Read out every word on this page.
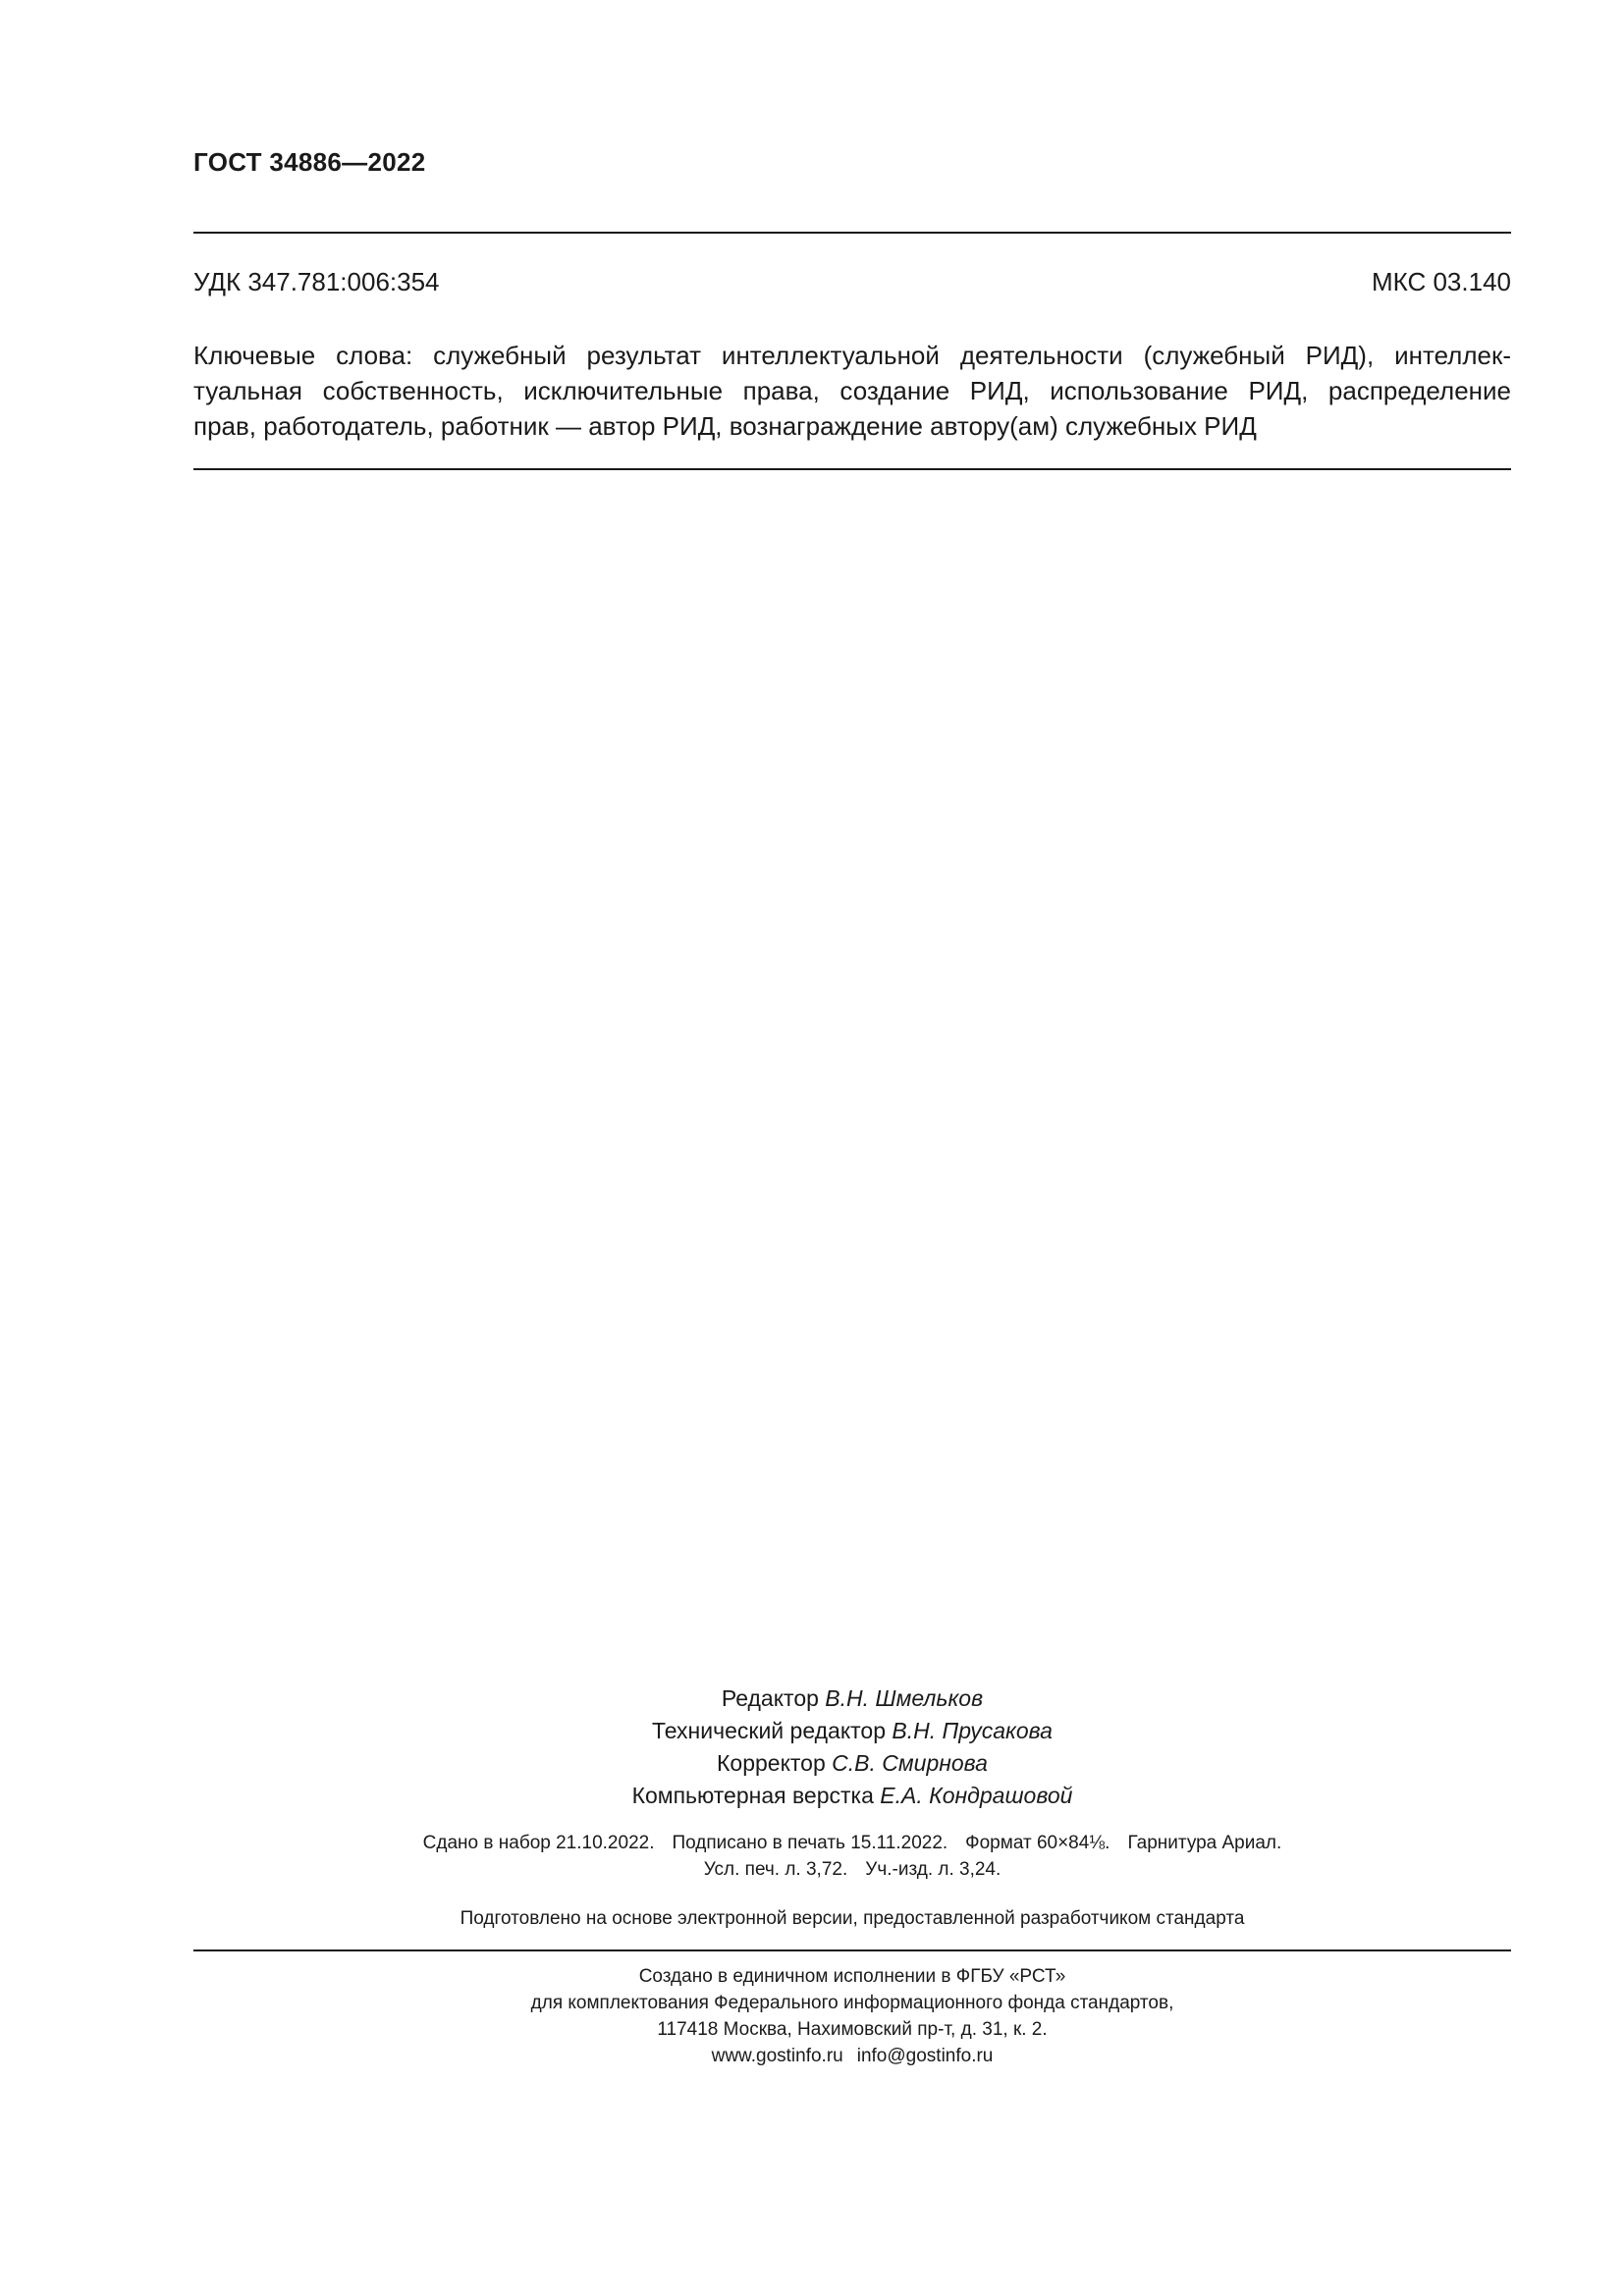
ГОСТ 34886—2022
УДК 347.781:006:354	МКС 03.140
Ключевые слова: служебный результат интеллектуальной деятельности (служебный РИД), интеллек-
туальная собственность, исключительные права, создание РИД, использование РИД, распределение
прав, работодатель, работник — автор РИД, вознаграждение автору(ам) служебных РИД
Редактор В.Н. Шмельков
Технический редактор В.Н. Прусакова
Корректор С.В. Смирнова
Компьютерная верстка Е.А. Кондрашовой
Сдано в набор 21.10.2022. Подписано в печать 15.11.2022. Формат 60×84⅛. Гарнитура Ариал.
Усл. печ. л. 3,72. Уч.-изд. л. 3,24.
Подготовлено на основе электронной версии, предоставленной разработчиком стандарта
Создано в единичном исполнении в ФГБУ «РСТ»
для комплектования Федерального информационного фонда стандартов,
117418 Москва, Нахимовский пр-т, д. 31, к. 2.
www.gostinfo.ru info@gostinfo.ru
